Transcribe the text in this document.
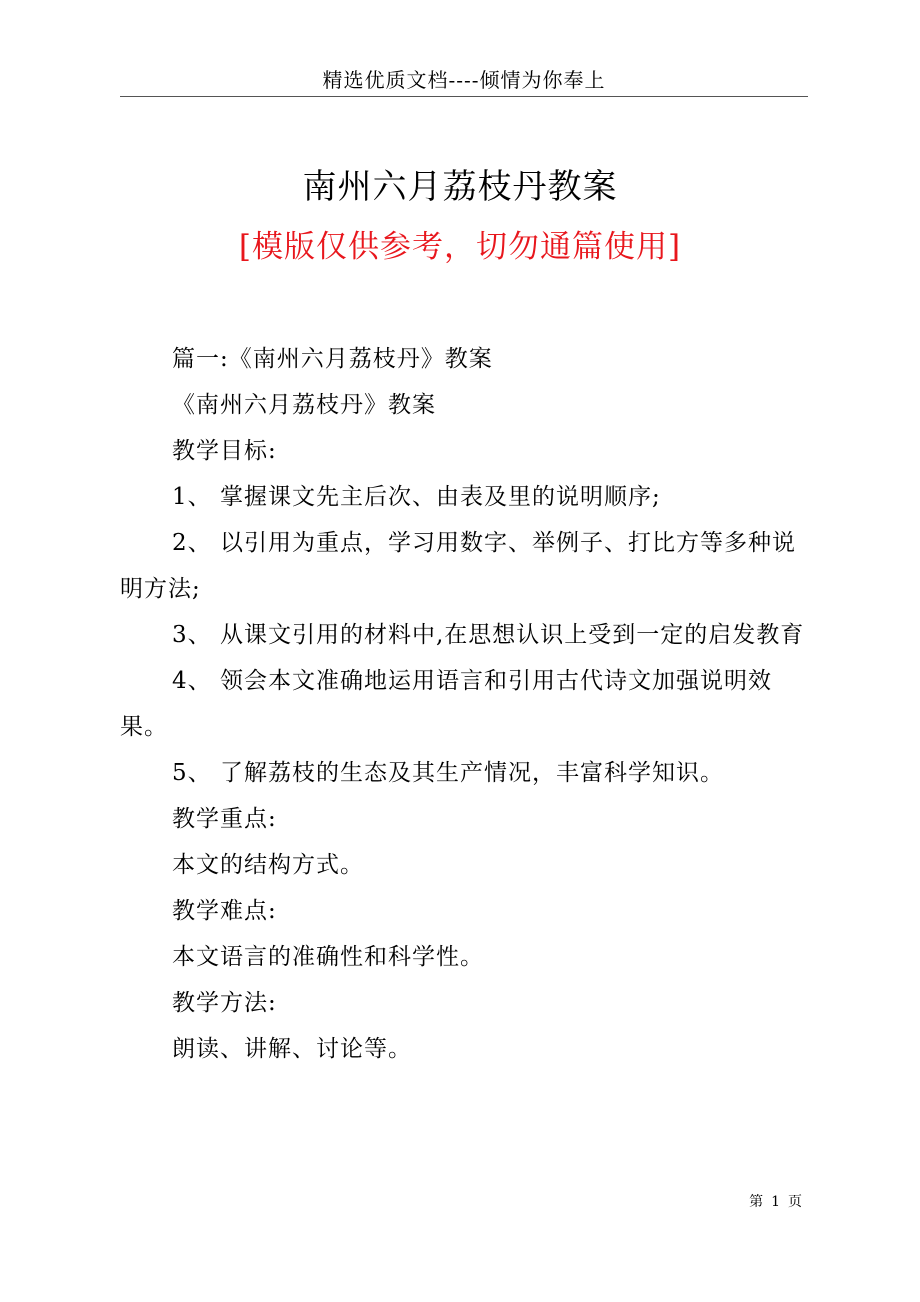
精选优质文档----倾情为你奉上
南州六月荔枝丹教案
[模版仅供参考，切勿通篇使用]
篇一:《南州六月荔枝丹》教案
《南州六月荔枝丹》教案
教学目标:
1、 掌握课文先主后次、由表及里的说明顺序;
2、 以引用为重点，学习用数字、举例子、打比方等多种说明方法;
3、 从课文引用的材料中,在思想认识上受到一定的启发教育
4、 领会本文准确地运用语言和引用古代诗文加强说明效果。
5、 了解荔枝的生态及其生产情况，丰富科学知识。
教学重点:
本文的结构方式。
教学难点:
本文语言的准确性和科学性。
教学方法:
朗读、讲解、讨论等。
第 1 页
